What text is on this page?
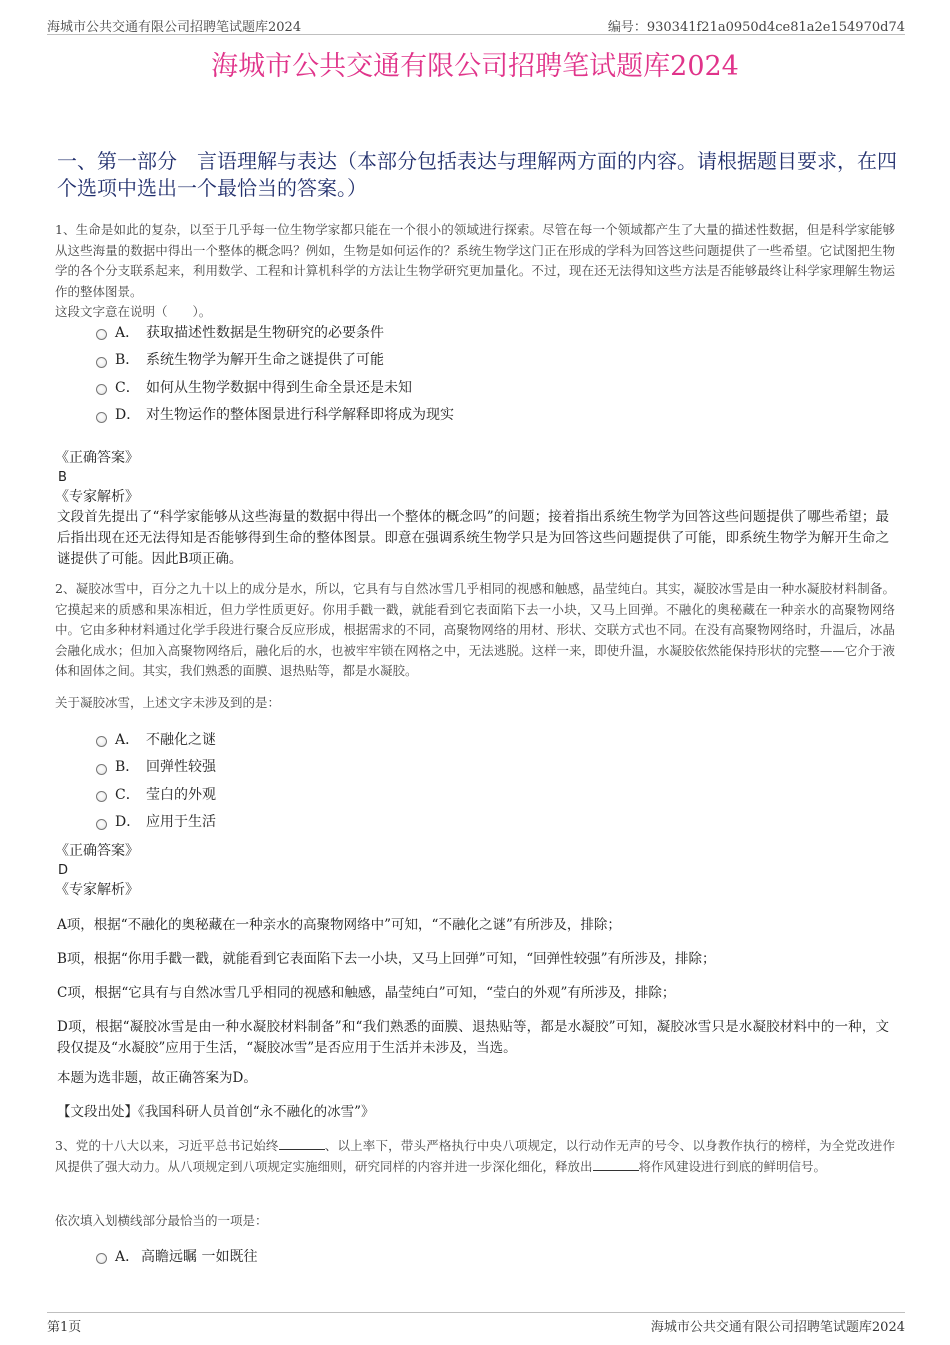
海城市公共交通有限公司招聘笔试题库2024	编号：930341f21a0950d4ce81a2e154970d74
海城市公共交通有限公司招聘笔试题库2024
一、第一部分　言语理解与表达（本部分包括表达与理解两方面的内容。请根据题目要求，在四个选项中选出一个最恰当的答案。）
1、生命是如此的复杂，以至于几乎每一位生物学家都只能在一个很小的领域进行探索。尽管在每一个领域都产生了大量的描述性数据，但是科学家能够从这些海量的数据中得出一个整体的概念吗？例如，生物是如何运作的？系统生物学这门正在形成的学科为回答这些问题提供了一些希望。它试图把生物学的各个分支联系起来，利用数学、工程和计算机科学的方法让生物学研究更加量化。不过，现在还无法得知这些方法是否能够最终让科学家理解生物运作的整体图景。
这段文字意在说明（　　）。
A． 获取描述性数据是生物研究的必要条件
B． 系统生物学为解开生命之谜提供了可能
C． 如何从生物学数据中得到生命全景还是未知
D． 对生物运作的整体图景进行科学解释即将成为现实
《正确答案》
B
《专家解析》
文段首先提出了“科学家能够从这些海量的数据中得出一个整体的概念吗”的问题；接着指出系统生物学为回答这些问题提供了哪些希望；最后指出现在还无法得知是否能够得到生命的整体图景。即意在强调系统生物学只是为回答这些问题提供了可能，即系统生物学为解开生命之谜提供了可能。因此B项正确。
2、凝胶冰雪中，百分之九十以上的成分是水，所以，它具有与自然冰雪几乎相同的视感和触感，晶莹纯白。其实，凝胶冰雪是由一种水凝胶材料制备。它摸起来的质感和果冻相近，但力学性质更好。你用手戳一戳，就能看到它表面陷下去一小块，又马上回弹。不融化的奥秘藏在一种亲水的高聚物网络中。它由多种材料通过化学手段进行聚合反应形成，根据需求的不同，高聚物网络的用材、形状、交联方式也不同。在没有高聚物网络时，升温后，冰晶会融化成水；但加入高聚物网络后，融化后的水，也被牢牢锁在网格之中，无法逃脱。这样一来，即使升温，水凝胶依然能保持形状的完整——它介于液体和固体之间。其实，我们熟悉的面膜、退热贴等，都是水凝胶。
关于凝胶冰雪，上述文字未涉及到的是：
A． 不融化之谜
B． 回弹性较强
C． 莹白的外观
D． 应用于生活
《正确答案》
D
《专家解析》
A项，根据“不融化的奥秘藏在一种亲水的高聚物网络中”可知，“不融化之谜”有所涉及，排除；
B项，根据“你用手戳一戳，就能看到它表面陷下去一小块，又马上回弹”可知，“回弹性较强”有所涉及，排除；
C项，根据“它具有与自然冰雪几乎相同的视感和触感，晶莹纯白”可知，“莹白的外观”有所涉及，排除；
D项，根据“凝胶冰雪是由一种水凝胶材料制备”和“我们熟悉的面膜、退热贴等，都是水凝胶”可知，凝胶冰雪只是水凝胶材料中的一种，文段仅提及“水凝胶”应用于生活，“凝胶冰雪”是否应用于生活并未涉及，当选。
本题为选非题，故正确答案为D。
【文段出处】《我国科研人员首创“永不融化的冰雪”》
3、党的十八大以来，习近平总书记始终	、以上率下，带头严格执行中央八项规定，以行动作无声的号令、以身教作执行的榜样，为全党改进作风提供了强大动力。从八项规定到八项规定实施细则，研究同样的内容并进一步深化细化，释放出	将作风建设进行到底的鲜明信号。
依次填入划横线部分最恰当的一项是：
A． 高瞻远瞩 一如既往
第1页	海城市公共交通有限公司招聘笔试题库2024
